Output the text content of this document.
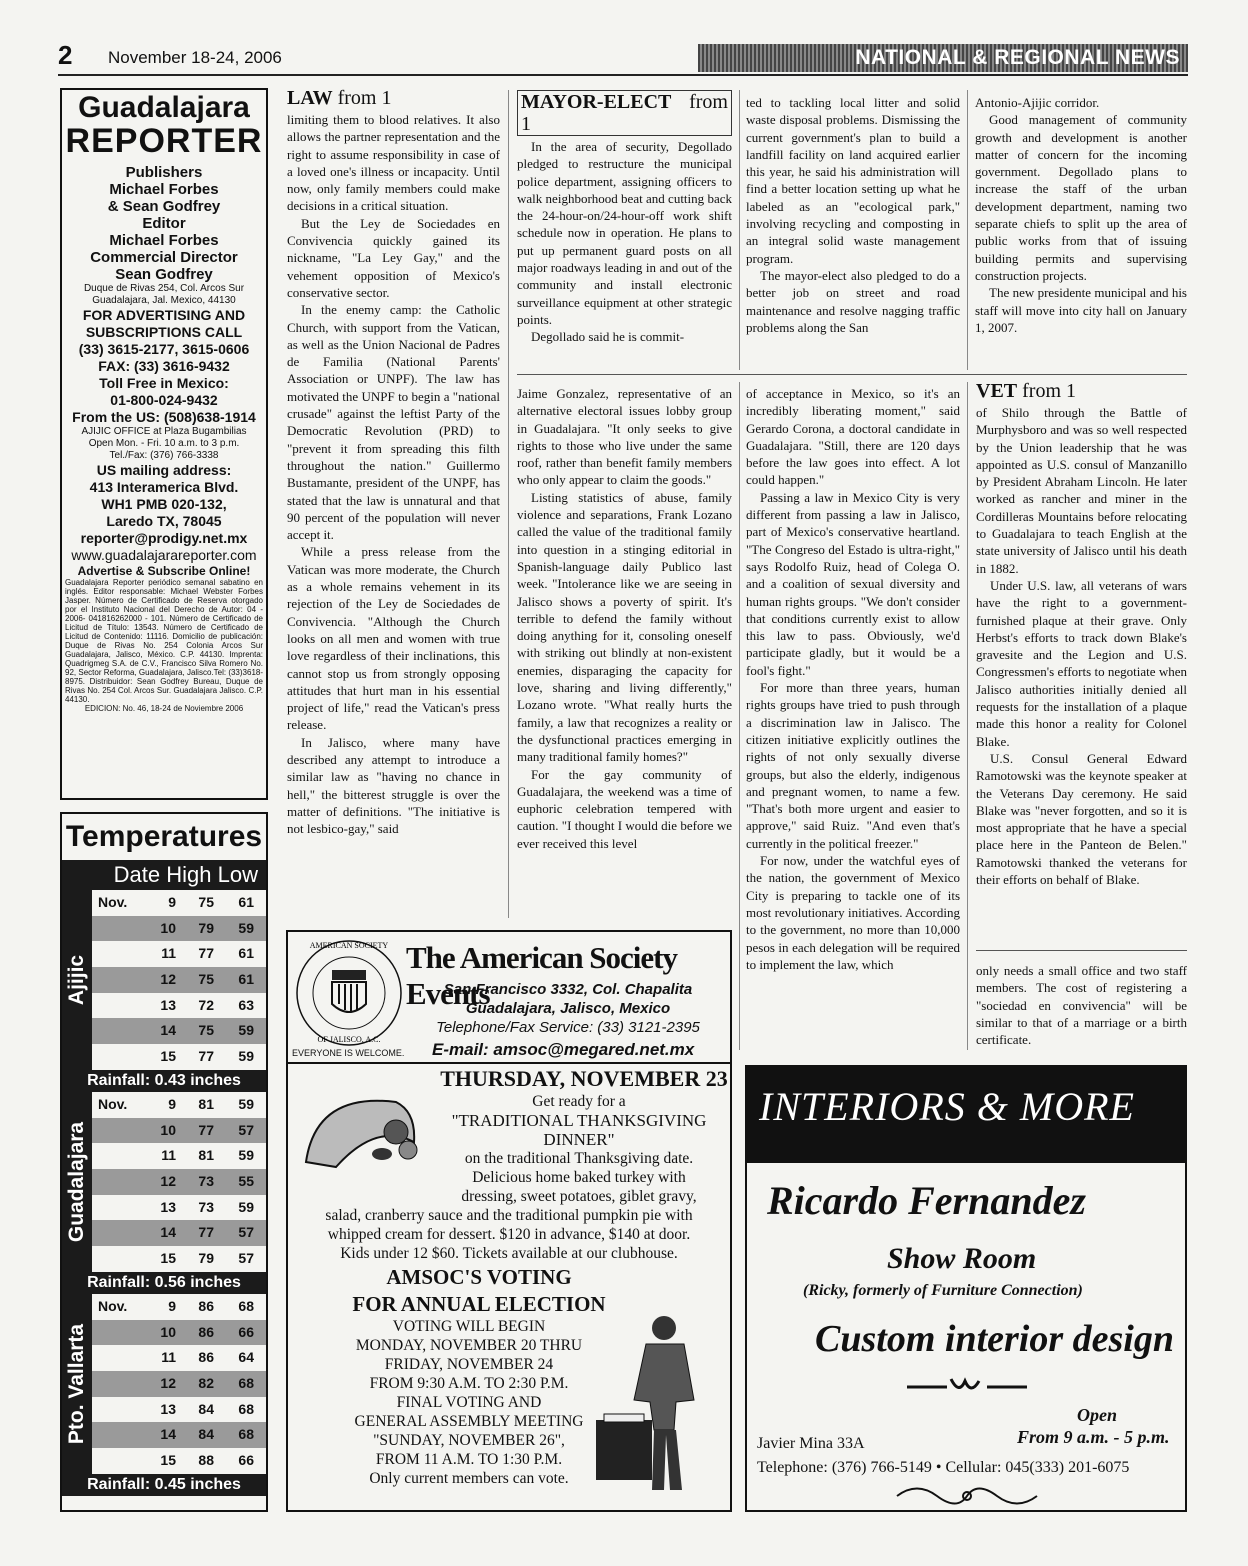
2 November 18-24, 2006	NATIONAL & REGIONAL NEWS
Guadalajara
REPORTER
Publishers
Michael Forbes
& Sean Godfrey
Editor
Michael Forbes
Commercial Director
Sean Godfrey
Duque de Rivas 254, Col. Arcos Sur
Guadalajara, Jal. Mexico, 44130
FOR ADVERTISING AND
SUBSCRIPTIONS CALL
(33) 3615-2177, 3615-0606
FAX: (33) 3616-9432
Toll Free in Mexico:
01-800-024-9432
From the US: (508)638-1914
AJIJIC OFFICE at Plaza Bugambilias
Open Mon. - Fri. 10 a.m. to 3 p.m.
Tel./Fax: (376) 766-3338
US mailing address:
413 Interamerica Blvd.
WH1 PMB 020-132,
Laredo TX, 78045
reporter@prodigy.net.mx
www.guadalajarareporter.com
Advertise & Subscribe Online!
Guadalajara Reporter periódico semanal sabatino en inglés. Editor responsable: Michael Webster Forbes Jasper. Número de Certificado de Reserva otorgado por el Instituto Nacional del Derecho de Autor: 04 - 2006- 041816262000 - 101. Número de Certificado de Licitud de Título: 13543. Número de Certificado de Licitud de Contenido: 11116. Domicilio de publicación: Duque de Rivas No. 254 Colonia Arcos Sur Guadalajara, Jalisco, México. C.P. 44130. Imprenta: Quadrigmeg S.A. de C.V., Francisco Silva Romero No. 92, Sector Reforma, Guadalajara, Jalisco.Tel: (33)3618-8975. Distribuidor: Sean Godfrey Bureau, Duque de Rivas No. 254 Col. Arcos Sur. Guadalajara Jalisco. C.P. 44130.
EDICION: No. 46, 18-24 de Noviembre 2006
Temperatures
Date High Low
Ajijic
Nov.	9	75	61
10	79	59
11	77	61
12	75	61
13	72	63
14	75	59
15	77	59
Rainfall: 0.43 inches
Guadalajara
Nov.	9	81	59
10	77	57
11	81	59
12	73	55
13	73	59
14	77	57
15	79	57
Rainfall: 0.56 inches
Pto. Vallarta
Nov.	9	86	68
10	86	66
11	86	64
12	82	68
13	84	68
14	84	68
15	88	66
Rainfall: 0.45 inches
LAW from 1

limiting them to blood relatives. It also allows the partner representation and the right to assume responsibility in case of a loved one's illness or incapacity. Until now, only family members could make decisions in a critical situation.

But the Ley de Sociedades en Convivencia quickly gained its nickname, "La Ley Gay," and the vehement opposition of Mexico's conservative sector.

In the enemy camp: the Catholic Church, with support from the Vatican, as well as the Union Nacional de Padres de Familia (National Parents' Association or UNPF). The law has motivated the UNPF to begin a "national crusade" against the leftist Party of the Democratic Revolution (PRD) to "prevent it from spreading this filth throughout the nation." Guillermo Bustamante, president of the UNPF, has stated that the law is unnatural and that 90 percent of the population will never accept it.

While a press release from the Vatican was more moderate, the Church as a whole remains vehement in its rejection of the Ley de Sociedades de Convivencia. "Although the Church looks on all men and women with true love regardless of their inclinations, this cannot stop us from strongly opposing attitudes that hurt man in his essential project of life," read the Vatican's press release.

In Jalisco, where many have described any attempt to introduce a similar law as "having no chance in hell," the bitterest struggle is over the matter of definitions. "The initiative is not lesbico-gay," said

MAYOR-ELECT from 1

In the area of security, Degollado pledged to restructure the municipal police department, assigning officers to walk neighborhood beat and cutting back the 24-hour-on/24-hour-off work shift schedule now in operation. He plans to put up permanent guard posts on all major roadways leading in and out of the community and install electronic surveillance equipment at other strategic points.

Degollado said he is commit-

ted to tackling local litter and solid waste disposal problems. Dismissing the current government's plan to build a landfill facility on land acquired earlier this year, he said his administration will find a better location setting up what he labeled as an "ecological park," involving recycling and composting in an integral solid waste management program.

The mayor-elect also pledged to do a better job on street and road maintenance and resolve nagging traffic problems along the San

Antonio-Ajijic corridor.

Good management of community growth and development is another matter of concern for the incoming government. Degollado plans to increase the staff of the urban development department, naming two separate chiefs to split up the area of public works from that of issuing building permits and supervising construction projects.

The new presidente municipal and his staff will move into city hall on January 1, 2007.

Jaime Gonzalez, representative of an alternative electoral issues lobby group in Guadalajara. "It only seeks to give rights to those who live under the same roof, rather than benefit family members who only appear to claim the goods."

Listing statistics of abuse, family violence and separations, Frank Lozano called the value of the traditional family into question in a stinging editorial in Spanish-language daily Publico last week. "Intolerance like we are seeing in Jalisco shows a poverty of spirit. It's terrible to defend the family without doing anything for it, consoling oneself with striking out blindly at non-existent enemies, disparaging the capacity for love, sharing and living differently," Lozano wrote. "What really hurts the family, a law that recognizes a reality or the dysfunctional practices emerging in many traditional family homes?"

For the gay community of Guadalajara, the weekend was a time of euphoric celebration tempered with caution. "I thought I would die before we ever received this level

of acceptance in Mexico, so it's an incredibly liberating moment," said Gerardo Corona, a doctoral candidate in Guadalajara. "Still, there are 120 days before the law goes into effect. A lot could happen."

Passing a law in Mexico City is very different from passing a law in Jalisco, part of Mexico's conservative heartland. "The Congreso del Estado is ultra-right," says Rodolfo Ruiz, head of Colega O. and a coalition of sexual diversity and human rights groups. "We don't consider that conditions currently exist to allow this law to pass. Obviously, we'd participate gladly, but it would be a fool's fight."

For more than three years, human rights groups have tried to push through a discrimination law in Jalisco. The citizen initiative explicitly outlines the rights of not only sexually diverse groups, but also the elderly, indigenous and pregnant women, to name a few. "That's both more urgent and easier to approve," said Ruiz. "And even that's currently in the political freezer."

For now, under the watchful eyes of the nation, the government of Mexico City is preparing to tackle one of its most revolutionary initiatives. According to the government, no more than 10,000 pesos in each delegation will be required to implement the law, which

VET from 1

of Shilo through the Battle of Murphysboro and was so well respected by the Union leadership that he was appointed as U.S. consul of Manzanillo by President Abraham Lincoln. He later worked as rancher and miner in the Cordilleras Mountains before relocating to Guadalajara to teach English at the state university of Jalisco until his death in 1882.

Under U.S. law, all veterans of wars have the right to a government-furnished plaque at their grave. Only Herbst's efforts to track down Blake's gravesite and the Legion and U.S. Congressmen's efforts to negotiate when Jalisco authorities initially denied all requests for the installation of a plaque made this honor a reality for Colonel Blake.

U.S. Consul General Edward Ramotowski was the keynote speaker at the Veterans Day ceremony. He said Blake was "never forgotten, and so it is most appropriate that he have a special place here in the Panteon de Belen." Ramotowski thanked the veterans for their efforts on behalf of Blake.

only needs a small office and two staff members. The cost of registering a "sociedad en convivencia" will be similar to that of a marriage or a birth certificate.

AMERICAN SOCIETY
OF JALISCO, A.C.
The American Society Events
San Francisco 3332, Col. Chapalita
Guadalajara, Jalisco, Mexico
Telephone/Fax Service: (33) 3121-2395
E-mail: amsoc@megared.net.mx
EVERYONE IS WELCOME.
THURSDAY, NOVEMBER 23
Get ready for a
"TRADITIONAL THANKSGIVING
DINNER"
on the traditional Thanksgiving date.
Delicious home baked turkey with
dressing, sweet potatoes, giblet gravy,
salad, cranberry sauce and the traditional pumpkin pie with
whipped cream for dessert. $120 in advance, $140 at door.
Kids under 12 $60. Tickets available at our clubhouse.
AMSOC'S VOTING
FOR ANNUAL ELECTION
VOTING WILL BEGIN
MONDAY, NOVEMBER 20 THRU
FRIDAY, NOVEMBER 24
FROM 9:30 A.M. TO 2:30 P.M.
FINAL VOTING AND
GENERAL ASSEMBLY MEETING
"SUNDAY, NOVEMBER 26",
FROM 11 A.M. TO 1:30 P.M.
Only current members can vote.
INTERIORS & MORE
Ricardo Fernandez
Show Room
(Ricky, formerly of Furniture Connection)
Custom interior design
Open
Javier Mina 33A	From 9 a.m. - 5 p.m.
Telephone: (376) 766-5149 • Cellular: 045(333) 201-6075
